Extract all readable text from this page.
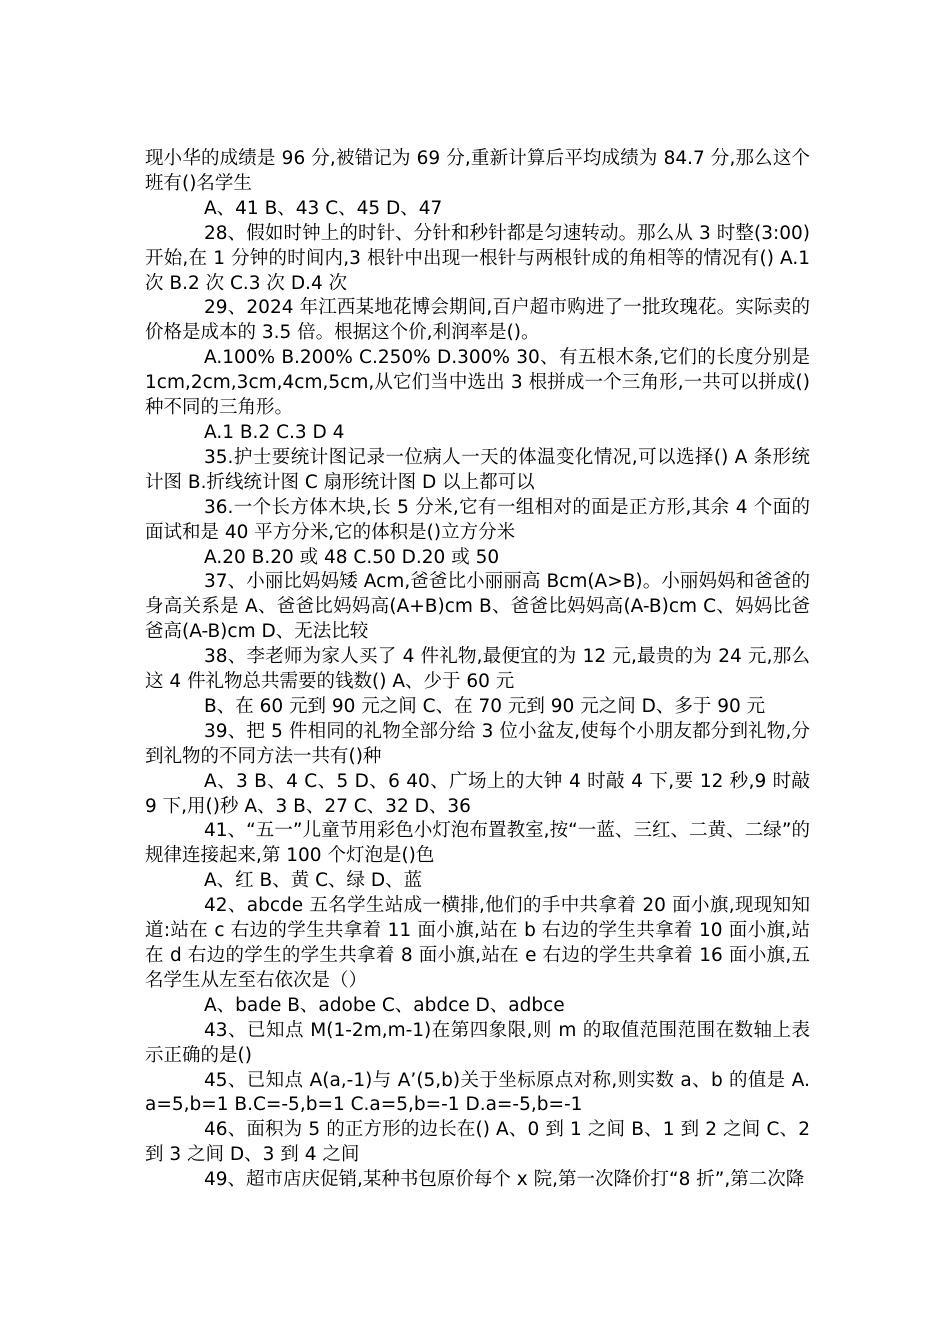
现小华的成绩是 96 分,被错记为 69 分,重新计算后平均成绩为 84.7 分,那么这个班有()名学生

A、41 B、43 C、45 D、47

28、假如时钟上的时针、分针和秒针都是匀速转动。那么从 3 时整(3:00)开始,在 1 分钟的时间内,3 根针中出现一根针与两根针成的角相等的情况有() A.1 次 B.2 次 C.3 次 D.4 次

29、2024 年江西某地花博会期间,百户超市购进了一批玫瑰花。实际卖的价格是成本的 3.5 倍。根据这个价,利润率是()。

A.100% B.200% C.250% D.300% 30、有五根木条,它们的长度分别是 1cm,2cm,3cm,4cm,5cm,从它们当中选出 3 根拼成一个三角形,一共可以拼成()种不同的三角形。

A.1 B.2 C.3 D 4

35.护士要统计图记录一位病人一天的体温变化情况,可以选择() A 条形统计图 B.折线统计图 C 扇形统计图 D 以上都可以

36.一个长方体木块,长 5 分米,它有一组相对的面是正方形,其余 4 个面的面试和是 40 平方分米,它的体积是()立方分米

A.20 B.20 或 48 C.50 D.20 或 50

37、小丽比妈妈矮 Acm,爸爸比小丽丽高 Bcm(A>B)。小丽妈妈和爸爸的身高关系是 A、爸爸比妈妈高(A+B)cm B、爸爸比妈妈高(A-B)cm C、妈妈比爸爸高(A-B)cm D、无法比较

38、李老师为家人买了 4 件礼物,最便宜的为 12 元,最贵的为 24 元,那么这 4 件礼物总共需要的钱数() A、少于 60 元

B、在 60 元到 90 元之间 C、在 70 元到 90 元之间 D、多于 90 元

39、把 5 件相同的礼物全部分给 3 位小盆友,使每个小朋友都分到礼物,分到礼物的不同方法一共有()种

A、3 B、4 C、5 D、6 40、广场上的大钟 4 时敲 4 下,要 12 秒,9 时敲 9 下,用()秒 A、3 B、27 C、32 D、36

41、“五一”儿童节用彩色小灯泡布置教室,按“一蓝、三红、二黄、二绿”的规律连接起来,第 100 个灯泡是()色

A、红 B、黄 C、绿 D、蓝

42、abcde 五名学生站成一横排,他们的手中共拿着 20 面小旗,现现知知道:站在 c 右边的学生共拿着 11 面小旗,站在 b 右边的学生共拿着 10 面小旗,站在 d 右边的学生的学生共拿着 8 面小旗,站在 e 右边的学生共拿着 16 面小旗,五名学生从左至右依次是（）

A、bade B、adobe C、abdce D、adbce

43、已知点 M(1-2m,m-1)在第四象限,则 m 的取值范围范围在数轴上表示正确的是()

45、已知点 A(a,-1)与 A’(5,b)关于坐标原点对称,则实数 a、b 的值是 A.a=5,b=1 B.C=-5,b=1 C.a=5,b=-1 D.a=-5,b=-1

46、面积为 5 的正方形的边长在() A、0 到 1 之间 B、1 到 2 之间 C、2 到 3 之间 D、3 到 4 之间

49、超市店庆促销,某种书包原价每个 x 院,第一次降价打“8 折”,第二次降
